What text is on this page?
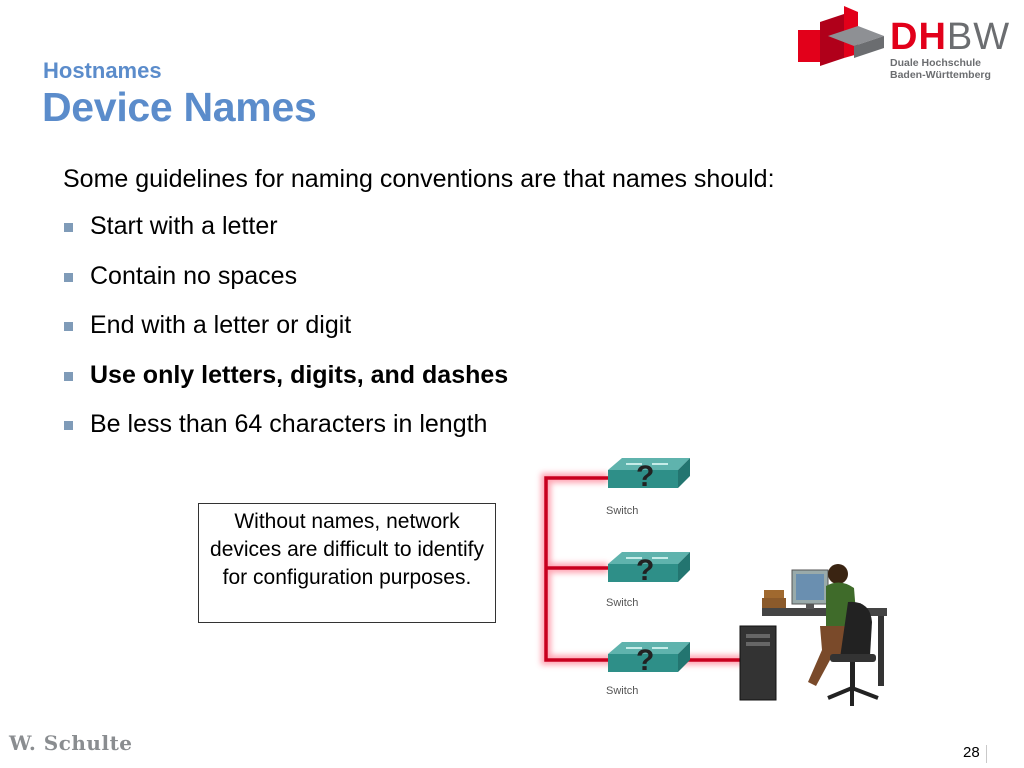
Hostnames
Device Names
DHBW
Duale Hochschule
Baden-Württemberg
Some guidelines for naming conventions are that names should:
Start with a letter
Contain no spaces
End with a letter or digit
Use only letters, digits, and dashes
Be less than 64 characters in length
Without names, network devices are difficult to identify for configuration purposes.
?
Switch
?
Switch
?
Switch
W. Schulte	28
